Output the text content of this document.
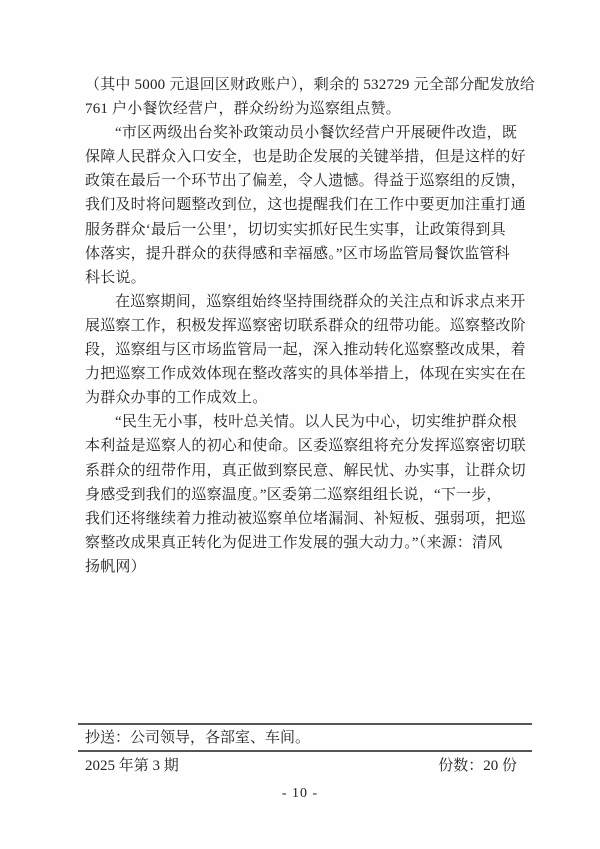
（其中 5000 元退回区财政账户），剩余的 532729 元全部分配发放给
761 户小餐饮经营户，群众纷纷为巡察组点赞。
“市区两级出台奖补政策动员小餐饮经营户开展硬件改造，既
保障人民群众入口安全，也是助企发展的关键举措，但是这样的好
政策在最后一个环节出了偏差，令人遗憾。得益于巡察组的反馈，
我们及时将问题整改到位，这也提醒我们在工作中要更加注重打通
服务群众‘最后一公里’，切切实实抓好民生实事，让政策得到具
体落实，提升群众的获得感和幸福感。”区市场监管局餐饮监管科
科长说。
在巡察期间，巡察组始终坚持围绕群众的关注点和诉求点来开
展巡察工作，积极发挥巡察密切联系群众的纽带功能。巡察整改阶
段，巡察组与区市场监管局一起，深入推动转化巡察整改成果，着
力把巡察工作成效体现在整改落实的具体举措上，体现在实实在在
为群众办事的工作成效上。
“民生无小事，枝叶总关情。以人民为中心，切实维护群众根
本利益是巡察人的初心和使命。区委巡察组将充分发挥巡察密切联
系群众的纽带作用，真正做到察民意、解民忧、办实事，让群众切
身感受到我们的巡察温度。”区委第二巡察组组长说，“下一步，
我们还将继续着力推动被巡察单位堵漏洞、补短板、强弱项，把巡
察整改成果真正转化为促进工作发展的强大动力。”（来源：清风
扬帆网）
抄送：公司领导，各部室、车间。
2025 年第 3 期	份数：20 份
- 10 -
